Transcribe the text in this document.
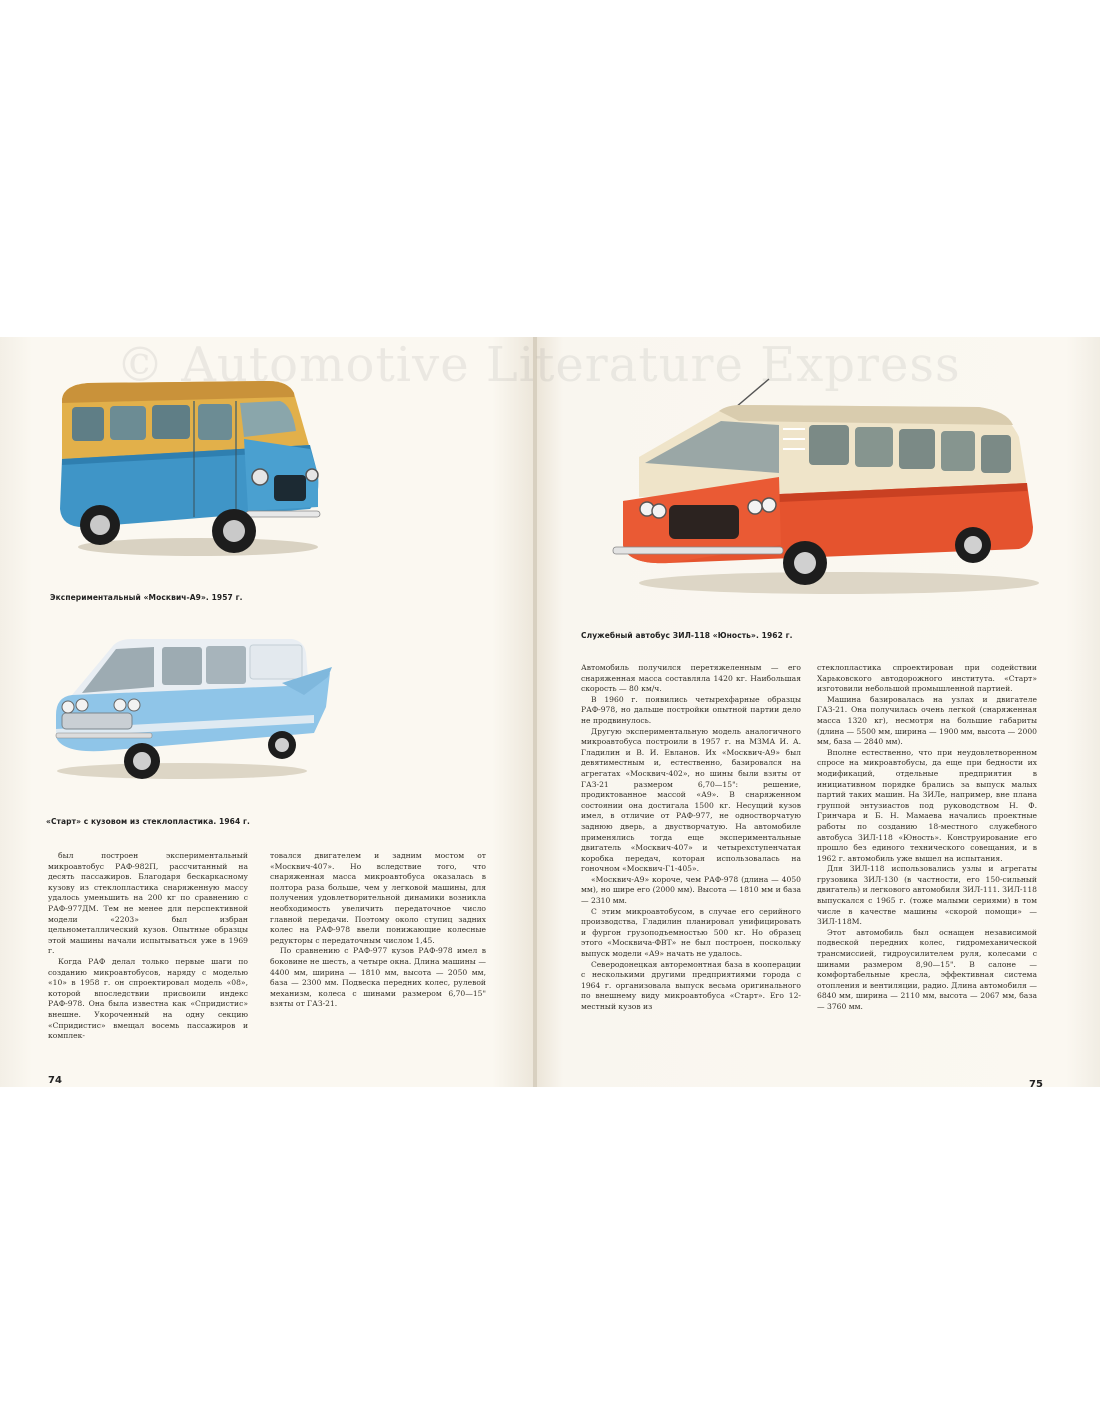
Экспериментальный «Москвич-А9». 1957 г.
«Старт» с кузовом из стеклопластика. 1964 г.

был построен экспериментальный микроавтобус РАФ-982П, рассчитанный на десять пассажиров. Благодаря бескаркасному кузову из стеклопластика снаряженную массу удалось уменьшить на 200 кг по сравнению с РАФ-977ДМ. Тем не менее для перспективной модели «2203» был избран цельнометаллический кузов. Опытные образцы этой машины начали испытываться уже в 1969 г.

Когда РАФ делал только первые шаги по созданию микроавтобусов, наряду с моделью «10» в 1958 г. он спроектировал модель «08», которой впоследствии присвоили индекс РАФ-978. Она была известна как «Спридистис» внешне. Укороченный на одну секцию «Спридистис» вмещал восемь пассажиров и комплек-

товался двигателем и задним мостом от «Москвич-407». Но вследствие того, что снаряженная масса микроавтобуса оказалась в полтора раза больше, чем у легковой машины, для получения удовлетворительной динамики возникла необходимость увеличить передаточное число главной передачи. Поэтому около ступиц задних колес на РАФ-978 ввели понижающие колесные редукторы с передаточным числом 1,45.

По сравнению с РАФ-977 кузов РАФ-978 имел в боковине не шесть, а четыре окна. Длина машины — 4400 мм, ширина — 1810 мм, высота — 2050 мм, база — 2300 мм. Подвеска передних колес, рулевой механизм, колеса с шинами размером 6,70—15" взяты от ГАЗ-21.

74
Служебный автобус ЗИЛ-118 «Юность». 1962 г.

Автомобиль получился перетяжеленным — его снаряженная масса составляла 1420 кг. Наибольшая скорость — 80 км/ч.

В 1960 г. появились четырехфарные образцы РАФ-978, но дальше постройки опытной партии дело не продвинулось.

Другую экспериментальную модель аналогичного микроавтобуса построили в 1957 г. на МЗМА И. А. Гладилин и В. И. Евланов. Их «Москвич-А9» был девятиместным и, естественно, базировался на агрегатах «Москвич-402», но шины были взяты от ГАЗ-21 размером 6,70—15": решение, продиктованное массой «А9». В снаряженном состоянии она достигала 1500 кг. Несущий кузов имел, в отличие от РАФ-977, не одностворчатую заднюю дверь, а двустворчатую. На автомобиле применялись тогда еще экспериментальные двигатель «Москвич-407» и четырехступенчатая коробка передач, которая использовалась на гоночном «Москвич-Г1-405».

«Москвич-А9» короче, чем РАФ-978 (длина — 4050 мм), но шире его (2000 мм). Высота — 1810 мм и база — 2310 мм.

С этим микроавтобусом, в случае его серийного производства, Гладилин планировал унифицировать и фургон грузоподъемностью 500 кг. Но образец этого «Москвича-ФВТ» не был построен, поскольку выпуск модели «А9» начать не удалось.

Северодонецкая авторемонтная база в кооперации с несколькими другими предприятиями города с 1964 г. организовала выпуск весьма оригинального по внешнему виду микроавтобуса «Старт». Его 12-местный кузов из

стеклопластика спроектирован при содействии Харьковского автодорожного института. «Старт» изготовили небольшой промышленной партией.

Машина базировалась на узлах и двигателе ГАЗ-21. Она получилась очень легкой (снаряженная масса 1320 кг), несмотря на большие габариты (длина — 5500 мм, ширина — 1900 мм, высота — 2000 мм, база — 2840 мм).

Вполне естественно, что при неудовлетворенном спросе на микроавтобусы, да еще при бедности их модификаций, отдельные предприятия в инициативном порядке брались за выпуск малых партий таких машин. На ЗИЛе, например, вне плана группой энтузиастов под руководством Н. Ф. Гринчара и Б. Н. Мамаева начались проектные работы по созданию 18-местного служебного автобуса ЗИЛ-118 «Юность». Конструирование его прошло без единого технического совещания, и в 1962 г. автомобиль уже вышел на испытания.

Для ЗИЛ-118 использовались узлы и агрегаты грузовика ЗИЛ-130 (в частности, его 150-сильный двигатель) и легкового автомобиля ЗИЛ-111. ЗИЛ-118 выпускался с 1965 г. (тоже малыми сериями) в том числе в качестве машины «скорой помощи» — ЗИЛ-118М.

Этот автомобиль был оснащен независимой подвеской передних колес, гидромеханической трансмиссией, гидроусилителем руля, колесами с шинами размером 8,90—15". В салоне — комфортабельные кресла, эффективная система отопления и вентиляции, радио. Длина автомобиля — 6840 мм, ширина — 2110 мм, высота — 2067 мм, база — 3760 мм.

75
